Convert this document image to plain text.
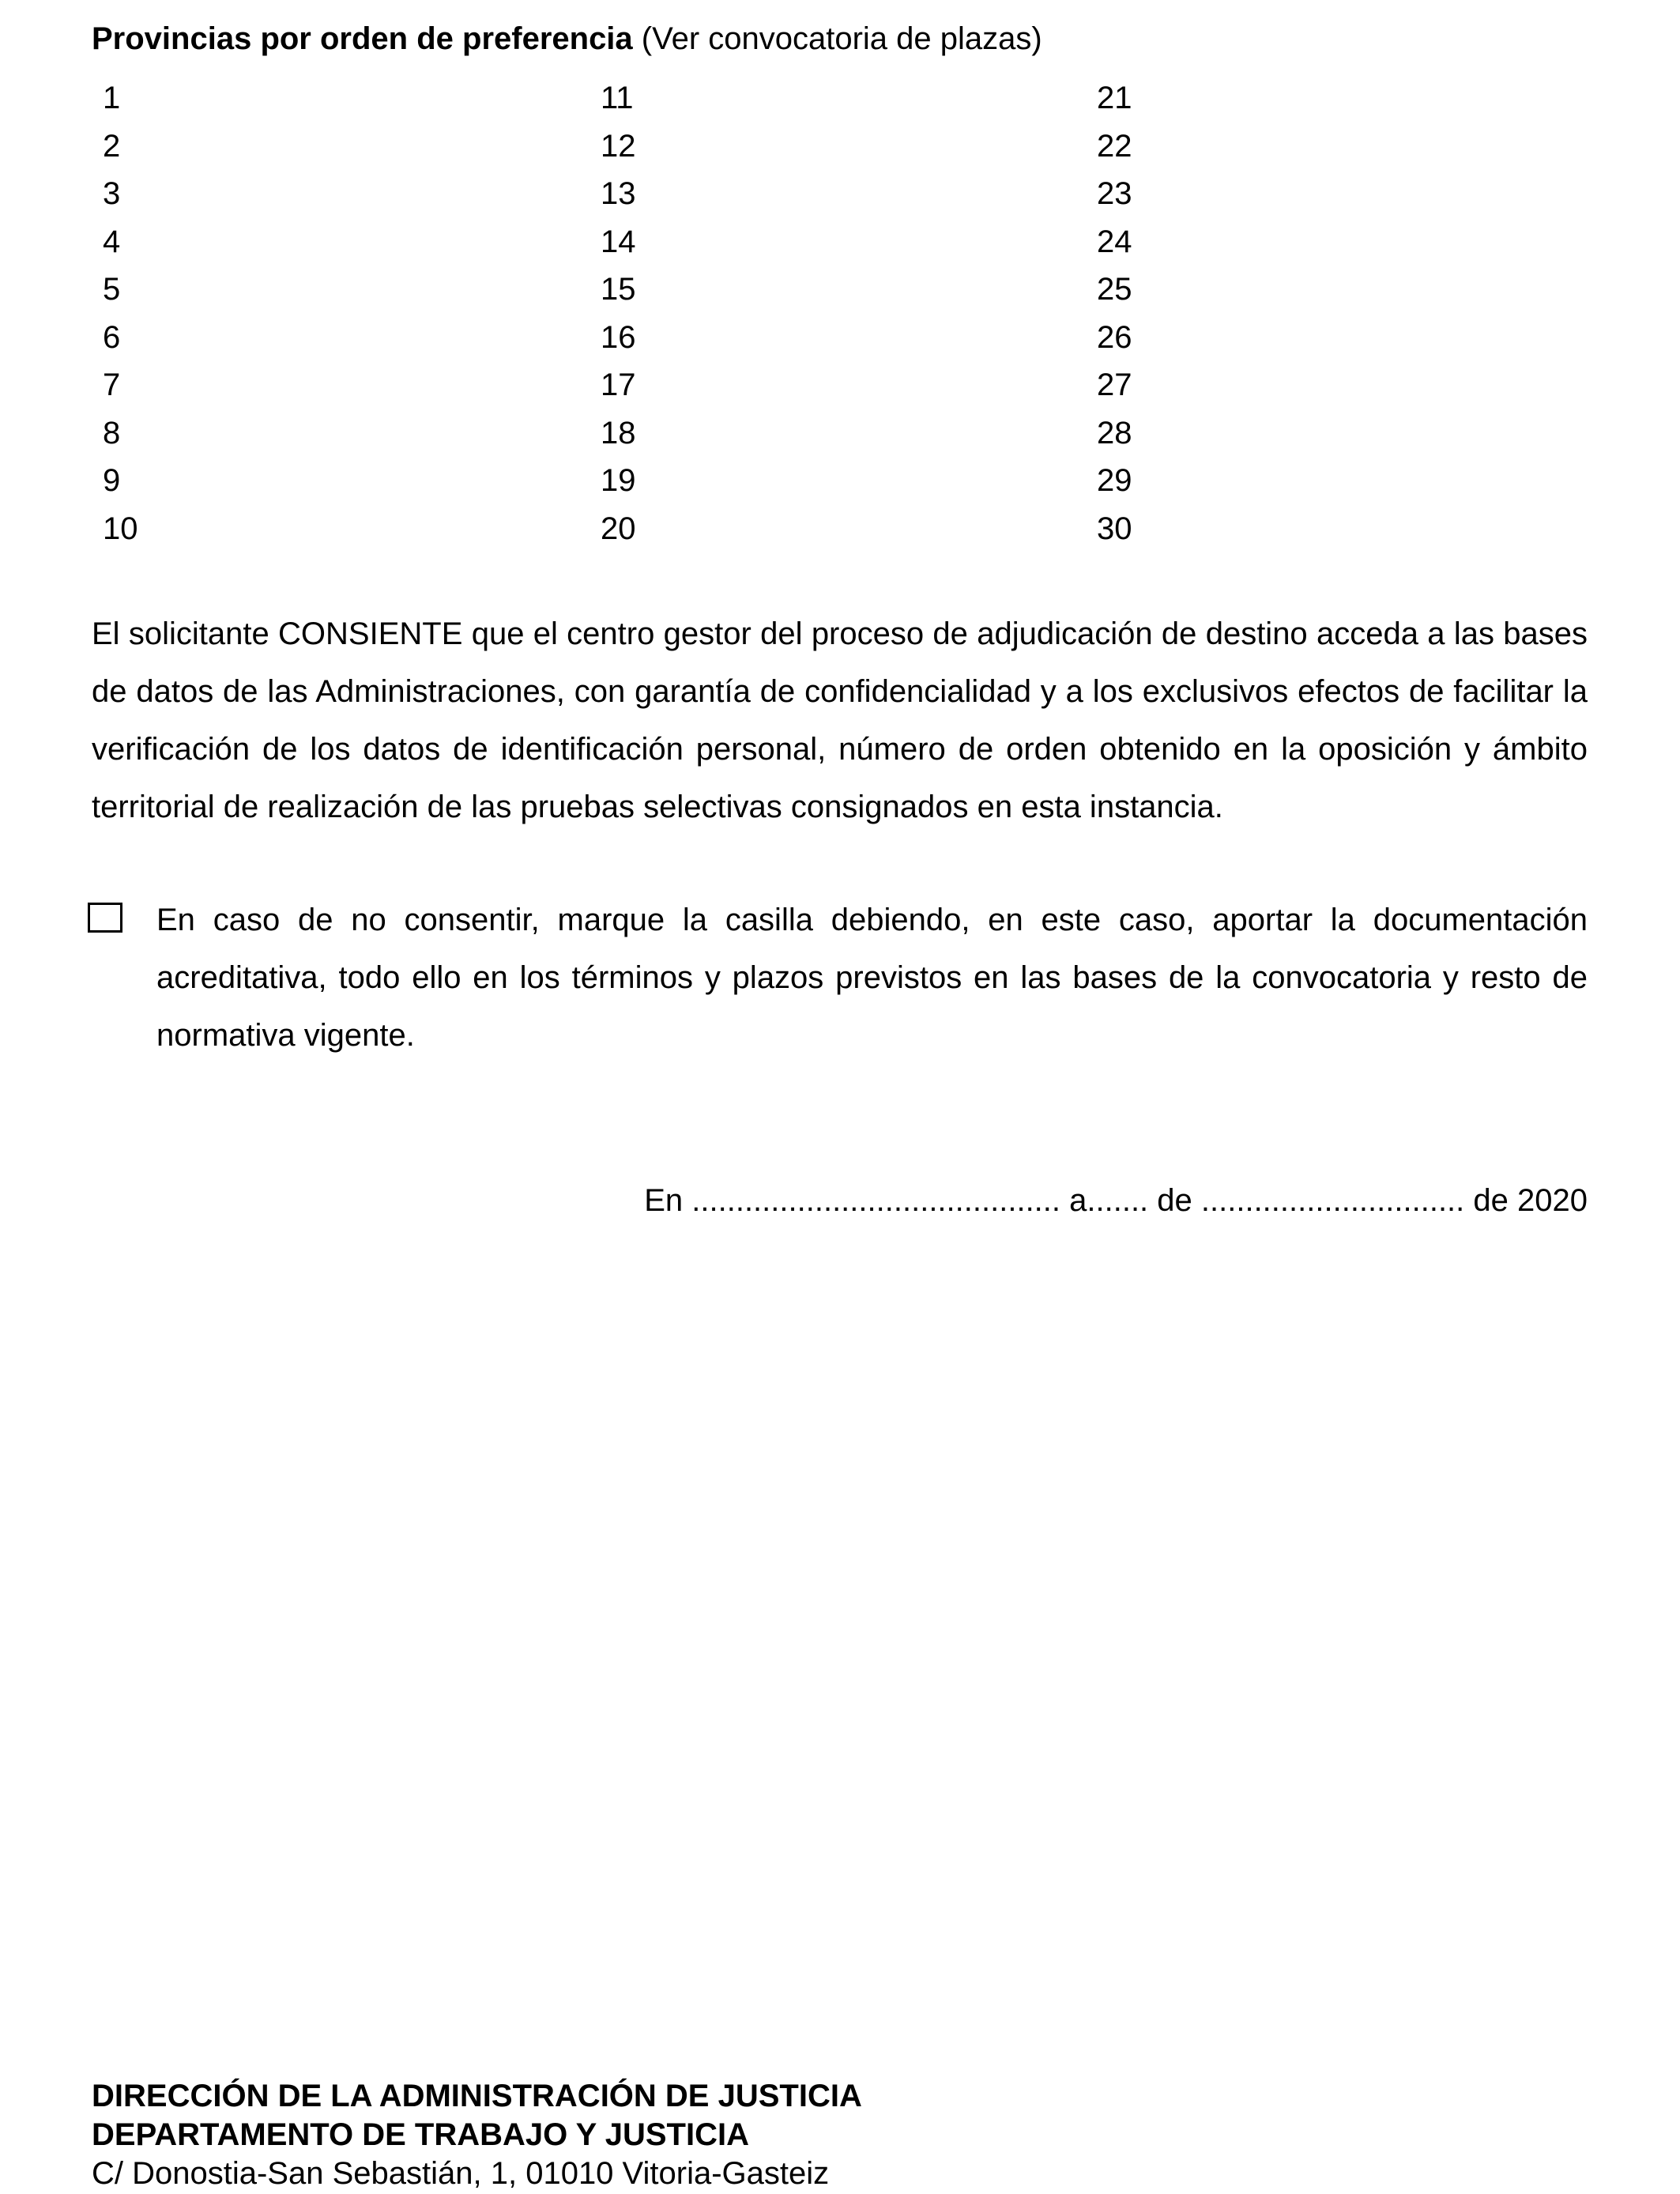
Provincias por orden de preferencia (Ver convocatoria de plazas)
1
2
3
4
5
6
7
8
9
10
11
12
13
14
15
16
17
18
19
20
21
22
23
24
25
26
27
28
29
30
El solicitante CONSIENTE que el centro gestor del proceso de adjudicación de destino acceda a las bases de datos de las Administraciones, con garantía de confidencialidad y a los exclusivos efectos de facilitar la verificación de los datos de identificación personal, número de orden obtenido en la oposición y ámbito territorial de realización de las pruebas selectivas consignados en esta instancia.
En caso de no consentir, marque la casilla debiendo, en este caso, aportar la documentación acreditativa, todo ello en los términos y plazos previstos en las bases de la convocatoria y resto de normativa vigente.
En .......................................... a....... de .............................. de 2020
DIRECCIÓN DE LA ADMINISTRACIÓN DE JUSTICIA
DEPARTAMENTO DE TRABAJO Y JUSTICIA
C/ Donostia-San Sebastián, 1, 01010 Vitoria-Gasteiz
